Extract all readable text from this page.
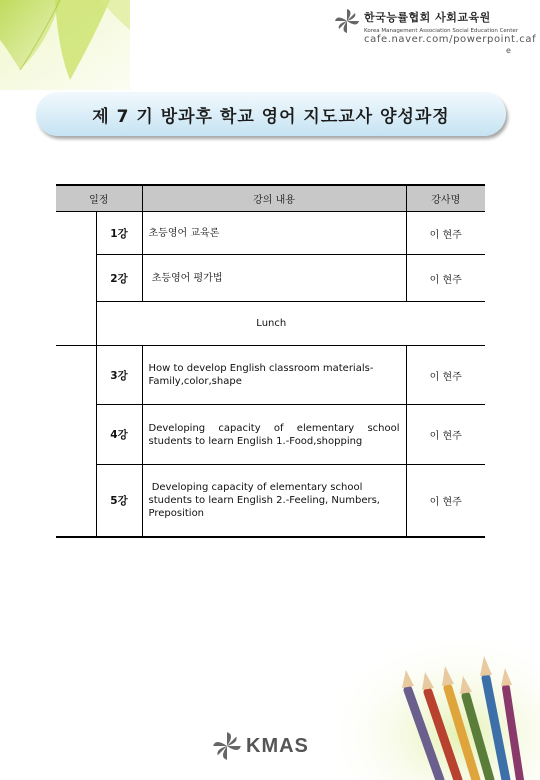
한국능률협회 사회교육원
Korea Management Association Social Education Center
cafe.naver.com/powerpoint.caf
e
제 7 기 방과후 학교 영어 지도교사 양성과정
일정		강의 내용	강사명
	1강	초등영어 교육론	이 현주
	2강	초등영어 평가법	이 현주
	Lunch		
	3강	How to develop English classroom materials-Family,color,shape	이 현주
	4강	Developing capacity of elementary school students to learn English 1.-Food,shopping	이 현주
	5강	Developing capacity of elementary school students to learn English 2.-Feeling, Numbers, Preposition	이 현주
KMAS
